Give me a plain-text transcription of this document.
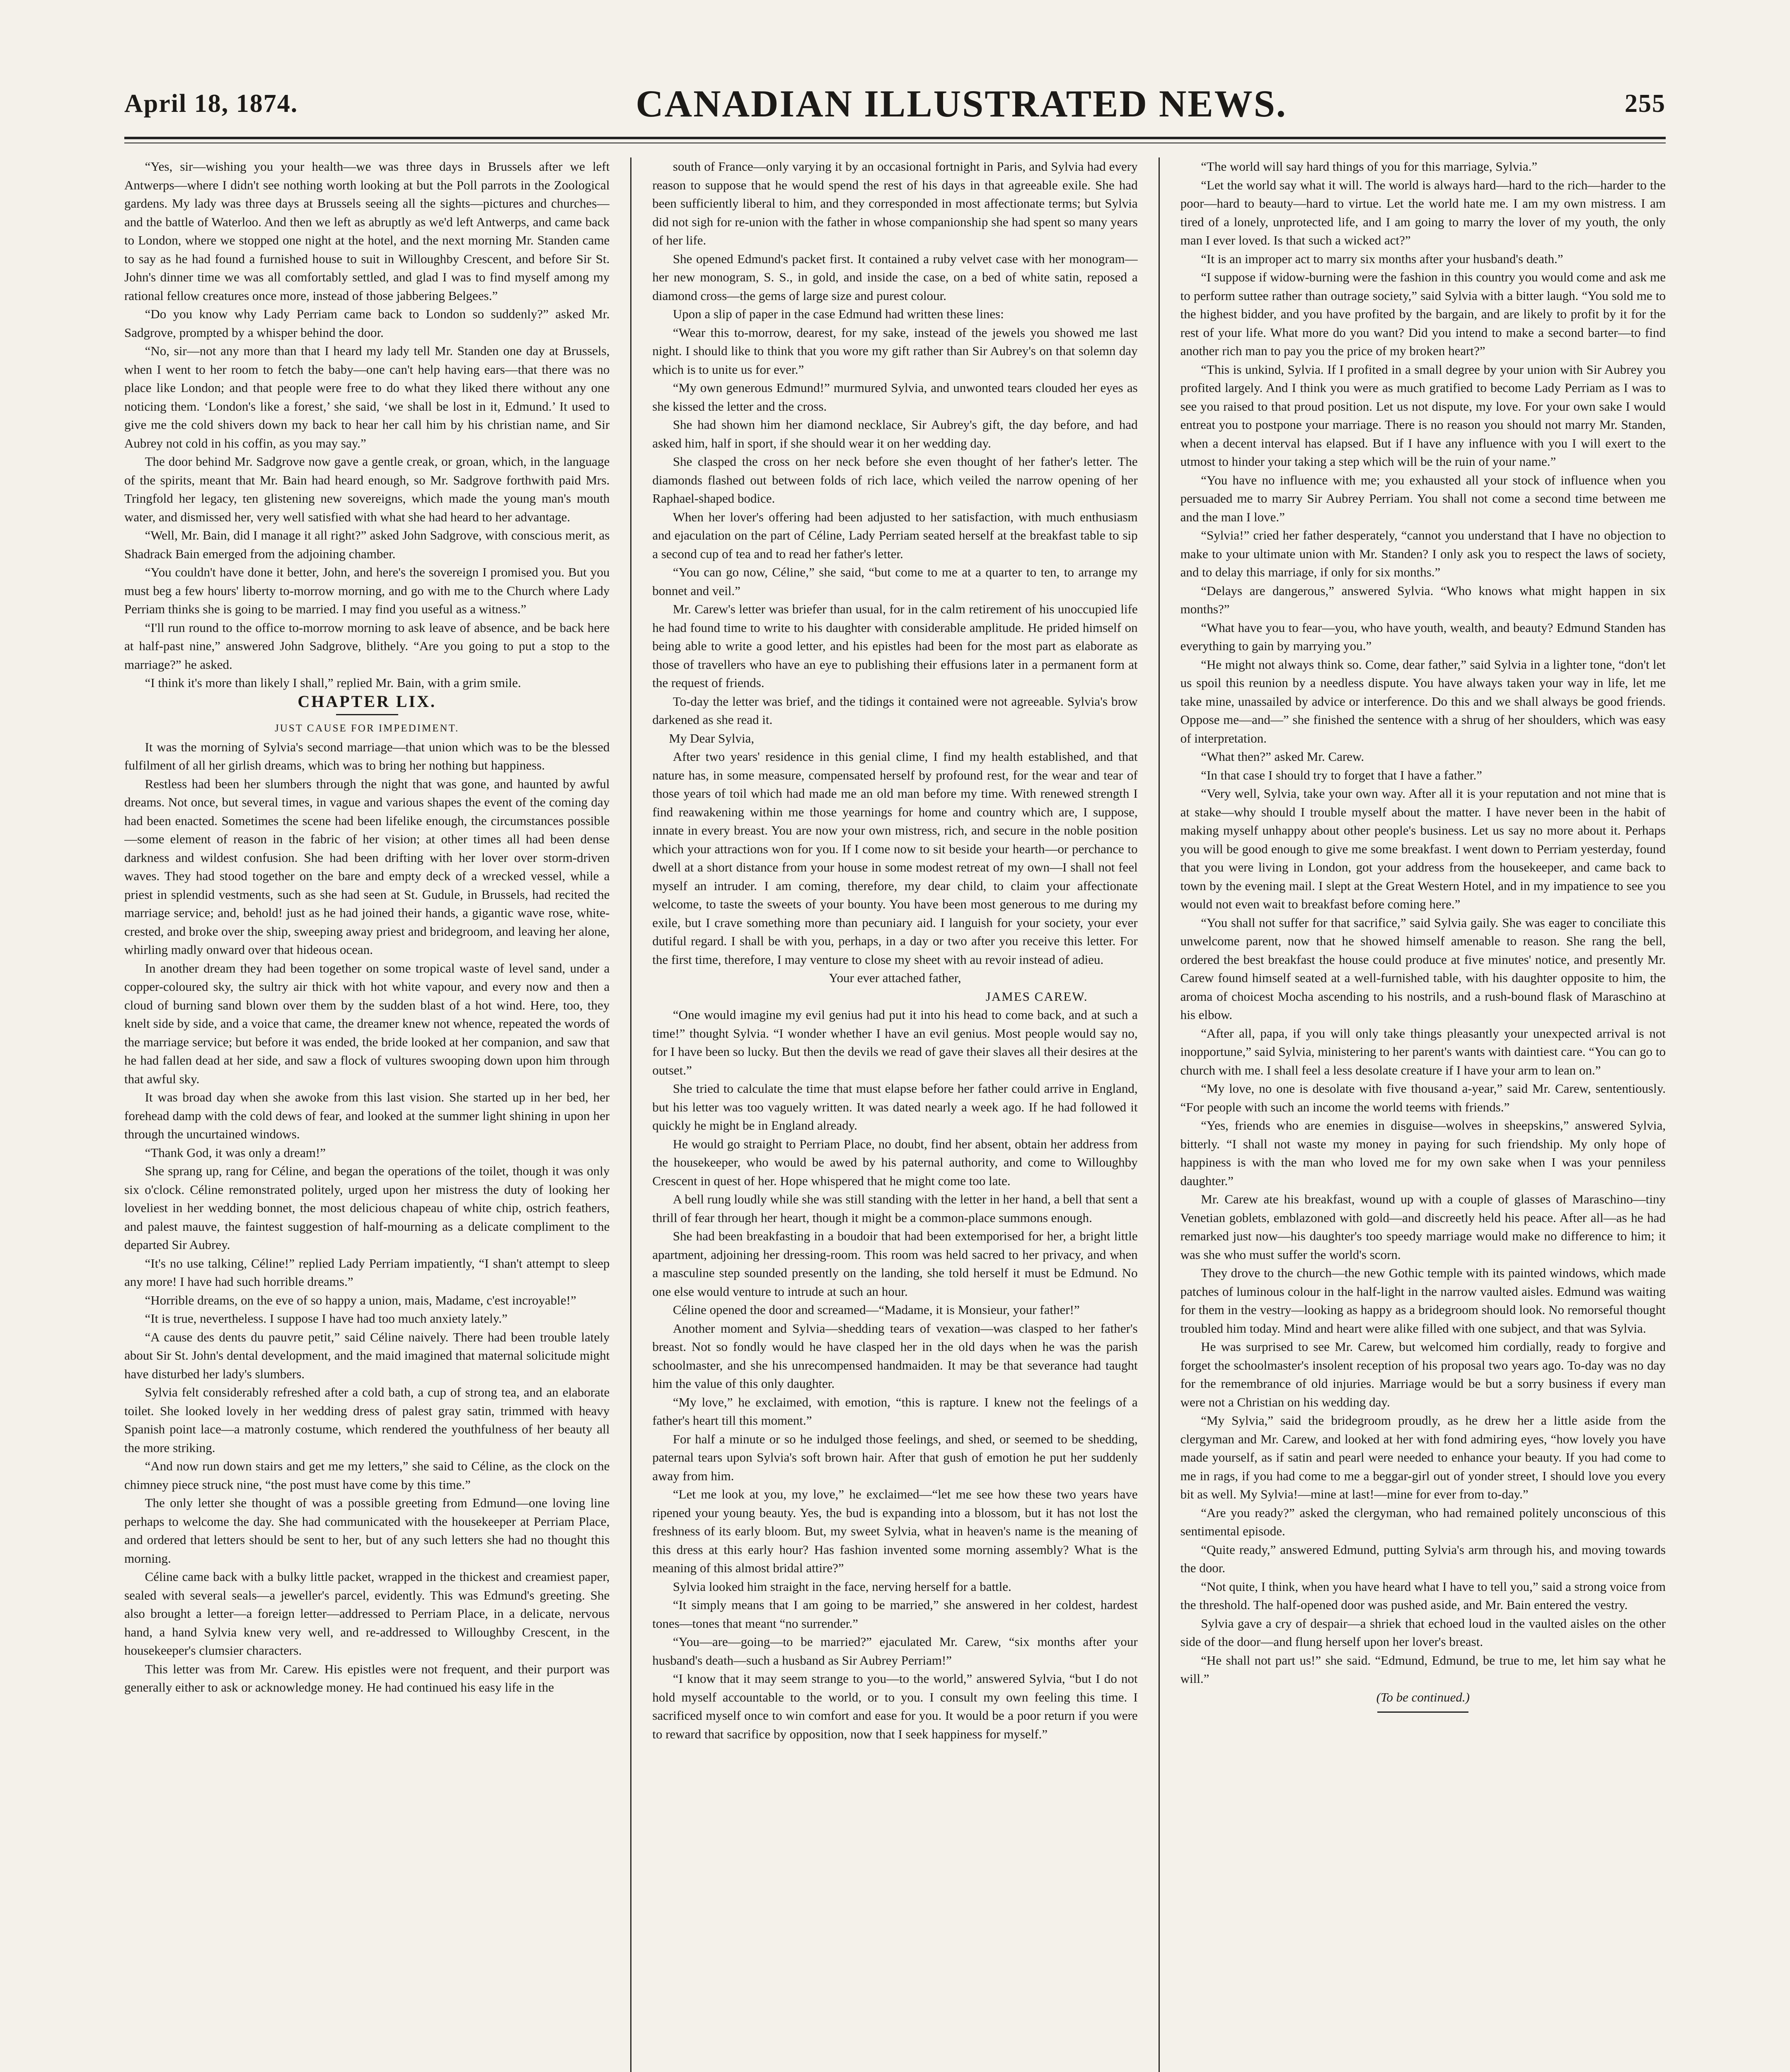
April 18, 1874.	CANADIAN ILLUSTRATED NEWS.	255

“Yes, sir—wishing you your health—we was three days in Brussels after we left Antwerps—where I didn't see nothing worth looking at but the Poll parrots in the Zoological gardens. My lady was three days at Brussels seeing all the sights—pictures and churches—and the battle of Waterloo. And then we left as abruptly as we'd left Antwerps, and came back to London, where we stopped one night at the hotel, and the next morning Mr. Standen came to say as he had found a furnished house to suit in Willoughby Crescent, and before Sir St. John's dinner time we was all comfortably settled, and glad I was to find myself among my rational fellow creatures once more, instead of those jabbering Belgees.”

“Do you know why Lady Perriam came back to London so suddenly?” asked Mr. Sadgrove, prompted by a whisper behind the door.

“No, sir—not any more than that I heard my lady tell Mr. Standen one day at Brussels, when I went to her room to fetch the baby—one can't help having ears—that there was no place like London; and that people were free to do what they liked there without any one noticing them. ‘London's like a forest,’ she said, ‘we shall be lost in it, Edmund.’ It used to give me the cold shivers down my back to hear her call him by his christian name, and Sir Aubrey not cold in his coffin, as you may say.”

The door behind Mr. Sadgrove now gave a gentle creak, or groan, which, in the language of the spirits, meant that Mr. Bain had heard enough, so Mr. Sadgrove forthwith paid Mrs. Tringfold her legacy, ten glistening new sovereigns, which made the young man's mouth water, and dismissed her, very well satisfied with what she had heard to her advantage.

“Well, Mr. Bain, did I manage it all right?” asked John Sadgrove, with conscious merit, as Shadrack Bain emerged from the adjoining chamber.

“You couldn't have done it better, John, and here's the sovereign I promised you. But you must beg a few hours' liberty to-morrow morning, and go with me to the Church where Lady Perriam thinks she is going to be married. I may find you useful as a witness.”

“I'll run round to the office to-morrow morning to ask leave of absence, and be back here at half-past nine,” answered John Sadgrove, blithely. “Are you going to put a stop to the marriage?” he asked.

“I think it's more than likely I shall,” replied Mr. Bain, with a grim smile.

CHAPTER LIX.

JUST CAUSE FOR IMPEDIMENT.

It was the morning of Sylvia's second marriage—that union which was to be the blessed fulfilment of all her girlish dreams, which was to bring her nothing but happiness.

Restless had been her slumbers through the night that was gone, and haunted by awful dreams. Not once, but several times, in vague and various shapes the event of the coming day had been enacted. Sometimes the scene had been lifelike enough, the circumstances possible—some element of reason in the fabric of her vision; at other times all had been dense darkness and wildest confusion. She had been drifting with her lover over storm-driven waves. They had stood together on the bare and empty deck of a wrecked vessel, while a priest in splendid vestments, such as she had seen at St. Gudule, in Brussels, had recited the marriage service; and, behold! just as he had joined their hands, a gigantic wave rose, white-crested, and broke over the ship, sweeping away priest and bridegroom, and leaving her alone, whirling madly onward over that hideous ocean.

In another dream they had been together on some tropical waste of level sand, under a copper-coloured sky, the sultry air thick with hot white vapour, and every now and then a cloud of burning sand blown over them by the sudden blast of a hot wind. Here, too, they knelt side by side, and a voice that came, the dreamer knew not whence, repeated the words of the marriage service; but before it was ended, the bride looked at her companion, and saw that he had fallen dead at her side, and saw a flock of vultures swooping down upon him through that awful sky.

It was broad day when she awoke from this last vision. She started up in her bed, her forehead damp with the cold dews of fear, and looked at the summer light shining in upon her through the uncurtained windows.

“Thank God, it was only a dream!”

She sprang up, rang for Céline, and began the operations of the toilet, though it was only six o'clock. Céline remonstrated politely, urged upon her mistress the duty of looking her loveliest in her wedding bonnet, the most delicious chapeau of white chip, ostrich feathers, and palest mauve, the faintest suggestion of half-mourning as a delicate compliment to the departed Sir Aubrey.

“It's no use talking, Céline!” replied Lady Perriam impatiently, “I shan't attempt to sleep any more! I have had such horrible dreams.”

“Horrible dreams, on the eve of so happy a union, mais, Madame, c'est incroyable!”

“It is true, nevertheless. I suppose I have had too much anxiety lately.”

“A cause des dents du pauvre petit,” said Céline naively. There had been trouble lately about Sir St. John's dental development, and the maid imagined that maternal solicitude might have disturbed her lady's slumbers.

Sylvia felt considerably refreshed after a cold bath, a cup of strong tea, and an elaborate toilet. She looked lovely in her wedding dress of palest gray satin, trimmed with heavy Spanish point lace—a matronly costume, which rendered the youthfulness of her beauty all the more striking.

“And now run down stairs and get me my letters,” she said to Céline, as the clock on the chimney piece struck nine, “the post must have come by this time.”

The only letter she thought of was a possible greeting from Edmund—one loving line perhaps to welcome the day. She had communicated with the housekeeper at Perriam Place, and ordered that letters should be sent to her, but of any such letters she had no thought this morning.

Céline came back with a bulky little packet, wrapped in the thickest and creamiest paper, sealed with several seals—a jeweller's parcel, evidently. This was Edmund's greeting. She also brought a letter—a foreign letter—addressed to Perriam Place, in a delicate, nervous hand, a hand Sylvia knew very well, and re-addressed to Willoughby Crescent, in the housekeeper's clumsier characters.

This letter was from Mr. Carew. His epistles were not frequent, and their purport was generally either to ask or acknowledge money. He had continued his easy life in the

south of France—only varying it by an occasional fortnight in Paris, and Sylvia had every reason to suppose that he would spend the rest of his days in that agreeable exile. She had been sufficiently liberal to him, and they corresponded in most affectionate terms; but Sylvia did not sigh for re-union with the father in whose companionship she had spent so many years of her life.

She opened Edmund's packet first. It contained a ruby velvet case with her monogram—her new monogram, S. S., in gold, and inside the case, on a bed of white satin, reposed a diamond cross—the gems of large size and purest colour.

Upon a slip of paper in the case Edmund had written these lines:

“Wear this to-morrow, dearest, for my sake, instead of the jewels you showed me last night. I should like to think that you wore my gift rather than Sir Aubrey's on that solemn day which is to unite us for ever.”

“My own generous Edmund!” murmured Sylvia, and unwonted tears clouded her eyes as she kissed the letter and the cross.

She had shown him her diamond necklace, Sir Aubrey's gift, the day before, and had asked him, half in sport, if she should wear it on her wedding day.

She clasped the cross on her neck before she even thought of her father's letter. The diamonds flashed out between folds of rich lace, which veiled the narrow opening of her Raphael-shaped bodice.

When her lover's offering had been adjusted to her satisfaction, with much enthusiasm and ejaculation on the part of Céline, Lady Perriam seated herself at the breakfast table to sip a second cup of tea and to read her father's letter.

“You can go now, Céline,” she said, “but come to me at a quarter to ten, to arrange my bonnet and veil.”

Mr. Carew's letter was briefer than usual, for in the calm retirement of his unoccupied life he had found time to write to his daughter with considerable amplitude. He prided himself on being able to write a good letter, and his epistles had been for the most part as elaborate as those of travellers who have an eye to publishing their effusions later in a permanent form at the request of friends.

To-day the letter was brief, and the tidings it contained were not agreeable. Sylvia's brow darkened as she read it.

My Dear Sylvia,

After two years' residence in this genial clime, I find my health established, and that nature has, in some measure, compensated herself by profound rest, for the wear and tear of those years of toil which had made me an old man before my time. With renewed strength I find reawakening within me those yearnings for home and country which are, I suppose, innate in every breast. You are now your own mistress, rich, and secure in the noble position which your attractions won for you. If I come now to sit beside your hearth—or perchance to dwell at a short distance from your house in some modest retreat of my own—I shall not feel myself an intruder. I am coming, therefore, my dear child, to claim your affectionate welcome, to taste the sweets of your bounty. You have been most generous to me during my exile, but I crave something more than pecuniary aid. I languish for your society, your ever dutiful regard. I shall be with you, perhaps, in a day or two after you receive this letter. For the first time, therefore, I may venture to close my sheet with au revoir instead of adieu.

Your ever attached father,

JAMES CAREW.

“One would imagine my evil genius had put it into his head to come back, and at such a time!” thought Sylvia. “I wonder whether I have an evil genius. Most people would say no, for I have been so lucky. But then the devils we read of gave their slaves all their desires at the outset.”

She tried to calculate the time that must elapse before her father could arrive in England, but his letter was too vaguely written. It was dated nearly a week ago. If he had followed it quickly he might be in England already.

He would go straight to Perriam Place, no doubt, find her absent, obtain her address from the housekeeper, who would be awed by his paternal authority, and come to Willoughby Crescent in quest of her. Hope whispered that he might come too late.

A bell rung loudly while she was still standing with the letter in her hand, a bell that sent a thrill of fear through her heart, though it might be a common-place summons enough.

She had been breakfasting in a boudoir that had been extemporised for her, a bright little apartment, adjoining her dressing-room. This room was held sacred to her privacy, and when a masculine step sounded presently on the landing, she told herself it must be Edmund. No one else would venture to intrude at such an hour.

Céline opened the door and screamed—“Madame, it is Monsieur, your father!”

Another moment and Sylvia—shedding tears of vexation—was clasped to her father's breast. Not so fondly would he have clasped her in the old days when he was the parish schoolmaster, and she his unrecompensed handmaiden. It may be that severance had taught him the value of this only daughter.

“My love,” he exclaimed, with emotion, “this is rapture. I knew not the feelings of a father's heart till this moment.”

For half a minute or so he indulged those feelings, and shed, or seemed to be shedding, paternal tears upon Sylvia's soft brown hair. After that gush of emotion he put her suddenly away from him.

“Let me look at you, my love,” he exclaimed—“let me see how these two years have ripened your young beauty. Yes, the bud is expanding into a blossom, but it has not lost the freshness of its early bloom. But, my sweet Sylvia, what in heaven's name is the meaning of this dress at this early hour? Has fashion invented some morning assembly? What is the meaning of this almost bridal attire?”

Sylvia looked him straight in the face, nerving herself for a battle.

“It simply means that I am going to be married,” she answered in her coldest, hardest tones—tones that meant “no surrender.”

“You—are—going—to be married?” ejaculated Mr. Carew, “six months after your husband's death—such a husband as Sir Aubrey Perriam!”

“I know that it may seem strange to you—to the world,” answered Sylvia, “but I do not hold myself accountable to the world, or to you. I consult my own feeling this time. I sacrificed myself once to win comfort and ease for you. It would be a poor return if you were to reward that sacrifice by opposition, now that I seek happiness for myself.”

“The world will say hard things of you for this marriage, Sylvia.”

“Let the world say what it will. The world is always hard—hard to the rich—harder to the poor—hard to beauty—hard to virtue. Let the world hate me. I am my own mistress. I am tired of a lonely, unprotected life, and I am going to marry the lover of my youth, the only man I ever loved. Is that such a wicked act?”

“It is an improper act to marry six months after your husband's death.”

“I suppose if widow-burning were the fashion in this country you would come and ask me to perform suttee rather than outrage society,” said Sylvia with a bitter laugh. “You sold me to the highest bidder, and you have profited by the bargain, and are likely to profit by it for the rest of your life. What more do you want? Did you intend to make a second barter—to find another rich man to pay you the price of my broken heart?”

“This is unkind, Sylvia. If I profited in a small degree by your union with Sir Aubrey you profited largely. And I think you were as much gratified to become Lady Perriam as I was to see you raised to that proud position. Let us not dispute, my love. For your own sake I would entreat you to postpone your marriage. There is no reason you should not marry Mr. Standen, when a decent interval has elapsed. But if I have any influence with you I will exert to the utmost to hinder your taking a step which will be the ruin of your name.”

“You have no influence with me; you exhausted all your stock of influence when you persuaded me to marry Sir Aubrey Perriam. You shall not come a second time between me and the man I love.”

“Sylvia!” cried her father desperately, “cannot you understand that I have no objection to make to your ultimate union with Mr. Standen? I only ask you to respect the laws of society, and to delay this marriage, if only for six months.”

“Delays are dangerous,” answered Sylvia. “Who knows what might happen in six months?”

“What have you to fear—you, who have youth, wealth, and beauty? Edmund Standen has everything to gain by marrying you.”

“He might not always think so. Come, dear father,” said Sylvia in a lighter tone, “don't let us spoil this reunion by a needless dispute. You have always taken your way in life, let me take mine, unassailed by advice or interference. Do this and we shall always be good friends. Oppose me—and—” she finished the sentence with a shrug of her shoulders, which was easy of interpretation.

“What then?” asked Mr. Carew.

“In that case I should try to forget that I have a father.”

“Very well, Sylvia, take your own way. After all it is your reputation and not mine that is at stake—why should I trouble myself about the matter. I have never been in the habit of making myself unhappy about other people's business. Let us say no more about it. Perhaps you will be good enough to give me some breakfast. I went down to Perriam yesterday, found that you were living in London, got your address from the housekeeper, and came back to town by the evening mail. I slept at the Great Western Hotel, and in my impatience to see you would not even wait to breakfast before coming here.”

“You shall not suffer for that sacrifice,” said Sylvia gaily. She was eager to conciliate this unwelcome parent, now that he showed himself amenable to reason. She rang the bell, ordered the best breakfast the house could produce at five minutes' notice, and presently Mr. Carew found himself seated at a well-furnished table, with his daughter opposite to him, the aroma of choicest Mocha ascending to his nostrils, and a rush-bound flask of Maraschino at his elbow.

“After all, papa, if you will only take things pleasantly your unexpected arrival is not inopportune,” said Sylvia, ministering to her parent's wants with daintiest care. “You can go to church with me. I shall feel a less desolate creature if I have your arm to lean on.”

“My love, no one is desolate with five thousand a-year,” said Mr. Carew, sententiously. “For people with such an income the world teems with friends.”

“Yes, friends who are enemies in disguise—wolves in sheepskins,” answered Sylvia, bitterly. “I shall not waste my money in paying for such friendship. My only hope of happiness is with the man who loved me for my own sake when I was your penniless daughter.”

Mr. Carew ate his breakfast, wound up with a couple of glasses of Maraschino—tiny Venetian goblets, emblazoned with gold—and discreetly held his peace. After all—as he had remarked just now—his daughter's too speedy marriage would make no difference to him; it was she who must suffer the world's scorn.

They drove to the church—the new Gothic temple with its painted windows, which made patches of luminous colour in the half-light in the narrow vaulted aisles. Edmund was waiting for them in the vestry—looking as happy as a bridegroom should look. No remorseful thought troubled him today. Mind and heart were alike filled with one subject, and that was Sylvia.

He was surprised to see Mr. Carew, but welcomed him cordially, ready to forgive and forget the schoolmaster's insolent reception of his proposal two years ago. To-day was no day for the remembrance of old injuries. Marriage would be but a sorry business if every man were not a Christian on his wedding day.

“My Sylvia,” said the bridegroom proudly, as he drew her a little aside from the clergyman and Mr. Carew, and looked at her with fond admiring eyes, “how lovely you have made yourself, as if satin and pearl were needed to enhance your beauty. If you had come to me in rags, if you had come to me a beggar-girl out of yonder street, I should love you every bit as well. My Sylvia!—mine at last!—mine for ever from to-day.”

“Are you ready?” asked the clergyman, who had remained politely unconscious of this sentimental episode.

“Quite ready,” answered Edmund, putting Sylvia's arm through his, and moving towards the door.

“Not quite, I think, when you have heard what I have to tell you,” said a strong voice from the threshold. The half-opened door was pushed aside, and Mr. Bain entered the vestry.

Sylvia gave a cry of despair—a shriek that echoed loud in the vaulted aisles on the other side of the door—and flung herself upon her lover's breast.

“He shall not part us!” she said. “Edmund, Edmund, be true to me, let him say what he will.”

(To be continued.)
